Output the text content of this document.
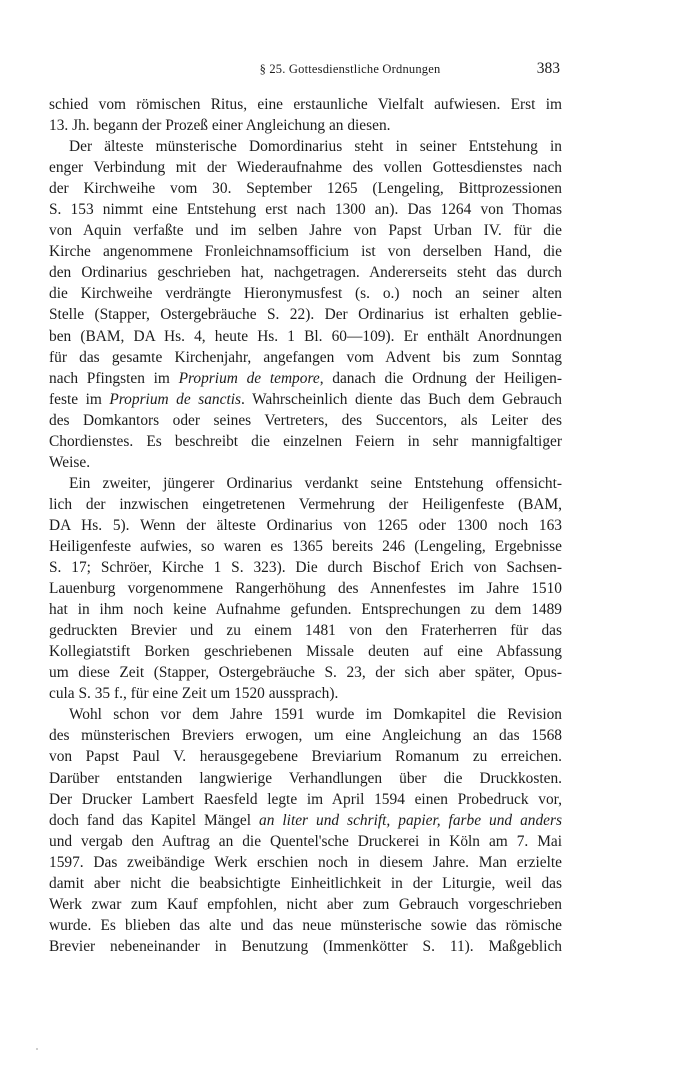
§ 25. Gottesdienstliche Ordnungen	383
schied vom römischen Ritus, eine erstaunliche Vielfalt aufwiesen. Erst im
13. Jh. begann der Prozeß einer Angleichung an diesen.
Der älteste münsterische Domordinarius steht in seiner Entstehung in
enger Verbindung mit der Wiederaufnahme des vollen Gottesdienstes nach
der Kirchweihe vom 30. September 1265 (Lengeling, Bittprozessionen
S. 153 nimmt eine Entstehung erst nach 1300 an). Das 1264 von Thomas
von Aquin verfaßte und im selben Jahre von Papst Urban IV. für die
Kirche angenommene Fronleichnamsofficium ist von derselben Hand, die
den Ordinarius geschrieben hat, nachgetragen. Andererseits steht das durch
die Kirchweihe verdrängte Hieronymusfest (s. o.) noch an seiner alten
Stelle (Stapper, Ostergebräuche S. 22). Der Ordinarius ist erhalten geblie-
ben (BAM, DA Hs. 4, heute Hs. 1 Bl. 60—109). Er enthält Anordnungen
für das gesamte Kirchenjahr, angefangen vom Advent bis zum Sonntag
nach Pfingsten im Proprium de tempore, danach die Ordnung der Heiligen-
feste im Proprium de sanctis. Wahrscheinlich diente das Buch dem Gebrauch
des Domkantors oder seines Vertreters, des Succentors, als Leiter des
Chordienstes. Es beschreibt die einzelnen Feiern in sehr mannigfaltiger
Weise.
Ein zweiter, jüngerer Ordinarius verdankt seine Entstehung offensicht-
lich der inzwischen eingetretenen Vermehrung der Heiligenfeste (BAM,
DA Hs. 5). Wenn der älteste Ordinarius von 1265 oder 1300 noch 163
Heiligenfeste aufwies, so waren es 1365 bereits 246 (Lengeling, Ergebnisse
S. 17; Schröer, Kirche 1 S. 323). Die durch Bischof Erich von Sachsen-
Lauenburg vorgenommene Rangerhöhung des Annenfestes im Jahre 1510
hat in ihm noch keine Aufnahme gefunden. Entsprechungen zu dem 1489
gedruckten Brevier und zu einem 1481 von den Fraterherren für das
Kollegiatstift Borken geschriebenen Missale deuten auf eine Abfassung
um diese Zeit (Stapper, Ostergebräuche S. 23, der sich aber später, Opus-
cula S. 35 f., für eine Zeit um 1520 aussprach).
Wohl schon vor dem Jahre 1591 wurde im Domkapitel die Revision
des münsterischen Breviers erwogen, um eine Angleichung an das 1568
von Papst Paul V. herausgegebene Breviarium Romanum zu erreichen.
Darüber entstanden langwierige Verhandlungen über die Druckkosten.
Der Drucker Lambert Raesfeld legte im April 1594 einen Probedruck vor,
doch fand das Kapitel Mängel an liter und schrift, papier, farbe und anders
und vergab den Auftrag an die Quentel'sche Druckerei in Köln am 7. Mai
1597. Das zweibändige Werk erschien noch in diesem Jahre. Man erzielte
damit aber nicht die beabsichtigte Einheitlichkeit in der Liturgie, weil das
Werk zwar zum Kauf empfohlen, nicht aber zum Gebrauch vorgeschrieben
wurde. Es blieben das alte und das neue münsterische sowie das römische
Brevier nebeneinander in Benutzung (Immenkötter S. 11). Maßgeblich
